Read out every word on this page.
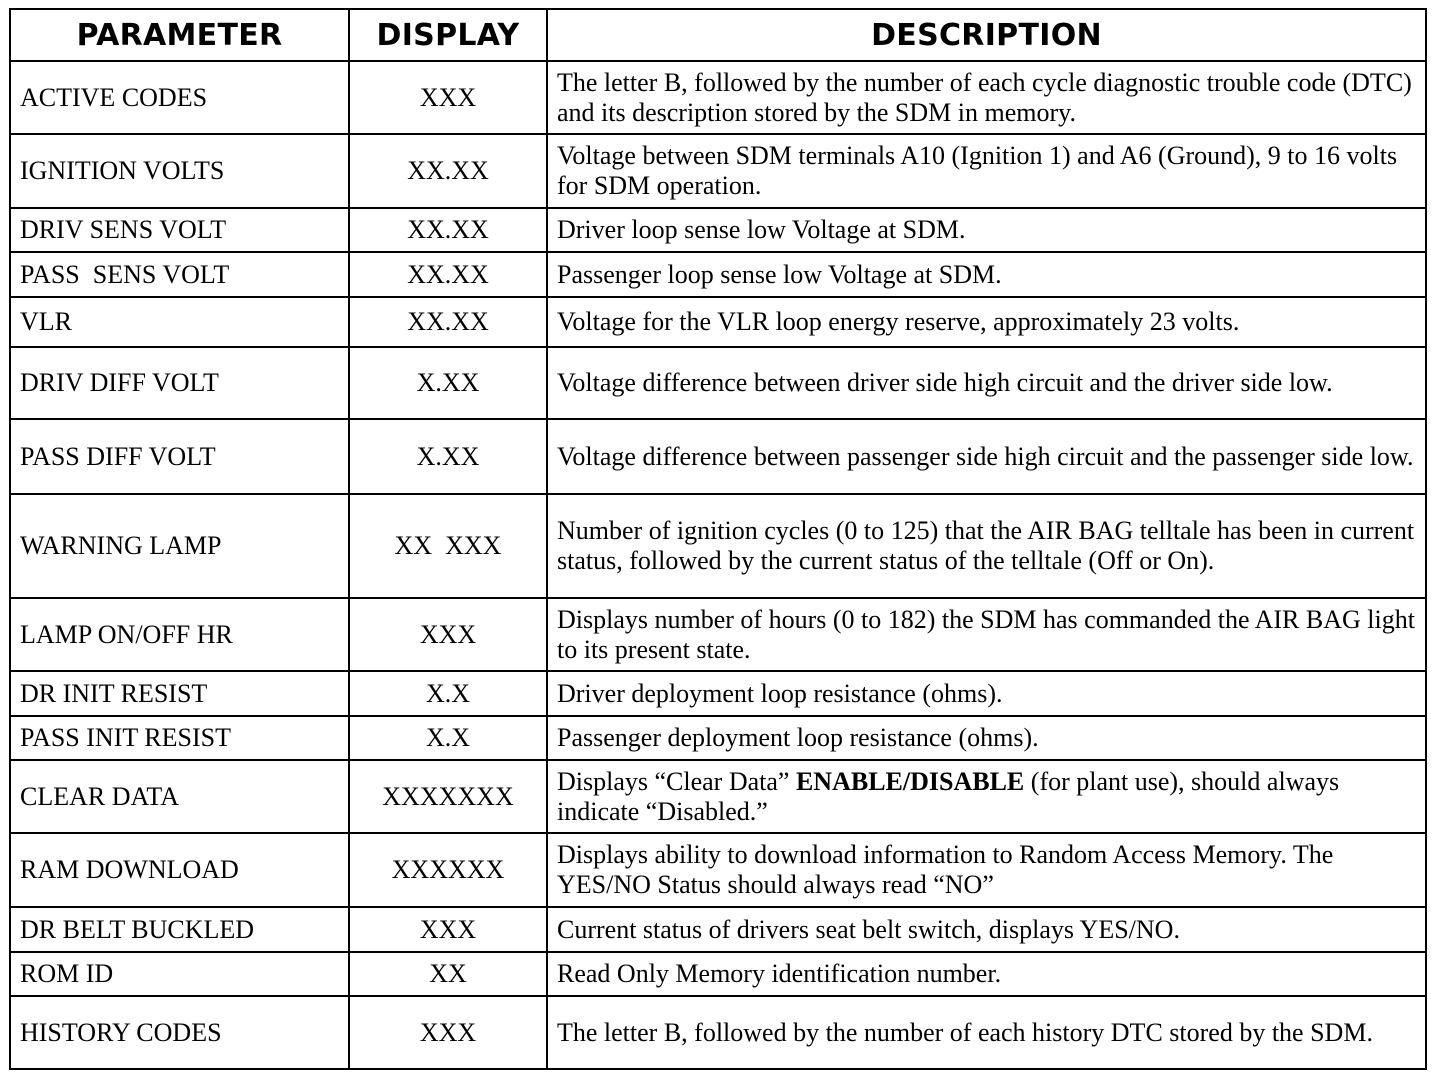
PARAMETER	DISPLAY	DESCRIPTION
ACTIVE CODES	XXX	The letter B, followed by the number of each cycle diagnostic trouble code (DTC) and its description stored by the SDM in memory.
IGNITION VOLTS	XX.XX	Voltage between SDM terminals A10 (Ignition 1) and A6 (Ground), 9 to 16 volts for SDM operation.
DRIV SENS VOLT	XX.XX	Driver loop sense low Voltage at SDM.
PASS  SENS VOLT	XX.XX	Passenger loop sense low Voltage at SDM.
VLR	XX.XX	Voltage for the VLR loop energy reserve, approximately 23 volts.
DRIV DIFF VOLT	X.XX	Voltage difference between driver side high circuit and the driver side low.
PASS DIFF VOLT	X.XX	Voltage difference between passenger side high circuit and the passenger side low.
WARNING LAMP	XX  XXX	Number of ignition cycles (0 to 125) that the AIR BAG telltale has been in current status, followed by the current status of the telltale (Off or On).
LAMP ON/OFF HR	XXX	Displays number of hours (0 to 182) the SDM has commanded the AIR BAG light to its present state.
DR INIT RESIST	X.X	Driver deployment loop resistance (ohms).
PASS INIT RESIST	X.X	Passenger deployment loop resistance (ohms).
CLEAR DATA	XXXXXXX	Displays “Clear Data” ENABLE/DISABLE (for plant use), should always indicate “Disabled.”
RAM DOWNLOAD	XXXXXX	Displays ability to download information to Random Access Memory. The YES/NO Status should always read “NO”
DR BELT BUCKLED	XXX	Current status of drivers seat belt switch, displays YES/NO.
ROM ID	XX	Read Only Memory identification number.
HISTORY CODES	XXX	The letter B, followed by the number of each history DTC stored by the SDM.
